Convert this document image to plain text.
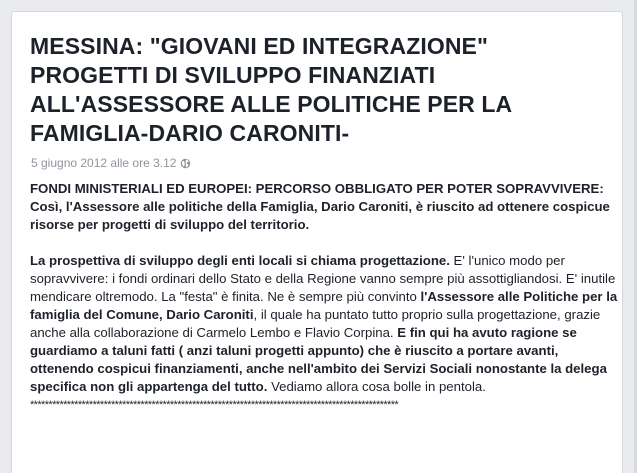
MESSINA: "GIOVANI ED INTEGRAZIONE" PROGETTI DI SVILUPPO FINANZIATI ALL'ASSESSORE ALLE POLITICHE PER LA FAMIGLIA-DARIO CARONITI-
5 giugno 2012 alle ore 3.12

FONDI MINISTERIALI ED EUROPEI: PERCORSO OBBLIGATO PER POTER SOPRAVVIVERE: Così, l'Assessore alle politiche della Famiglia, Dario Caroniti, è riuscito ad ottenere cospicue risorse per progetti di sviluppo del territorio.

La prospettiva di sviluppo degli enti locali si chiama progettazione. E' l'unico modo per sopravvivere: i fondi ordinari dello Stato e della Regione vanno sempre più assottigliandosi. E' inutile mendicare oltremodo. La "festa" è finita. Ne è sempre più convinto l'Assessore alle Politiche per la famiglia del Comune, Dario Caroniti, il quale ha puntato tutto proprio sulla progettazione, grazie anche alla collaborazione di Carmelo Lembo e Flavio Corpina. E fin qui ha avuto ragione se guardiamo a taluni fatti ( anzi taluni progetti appunto) che è riuscito a portare avanti, ottenendo cospicui finanziamenti, anche nell'ambito dei Servizi Sociali nonostante la delega specifica non gli appartenga del tutto. Vediamo allora cosa bolle in pentola.

****************************************************************************************************
